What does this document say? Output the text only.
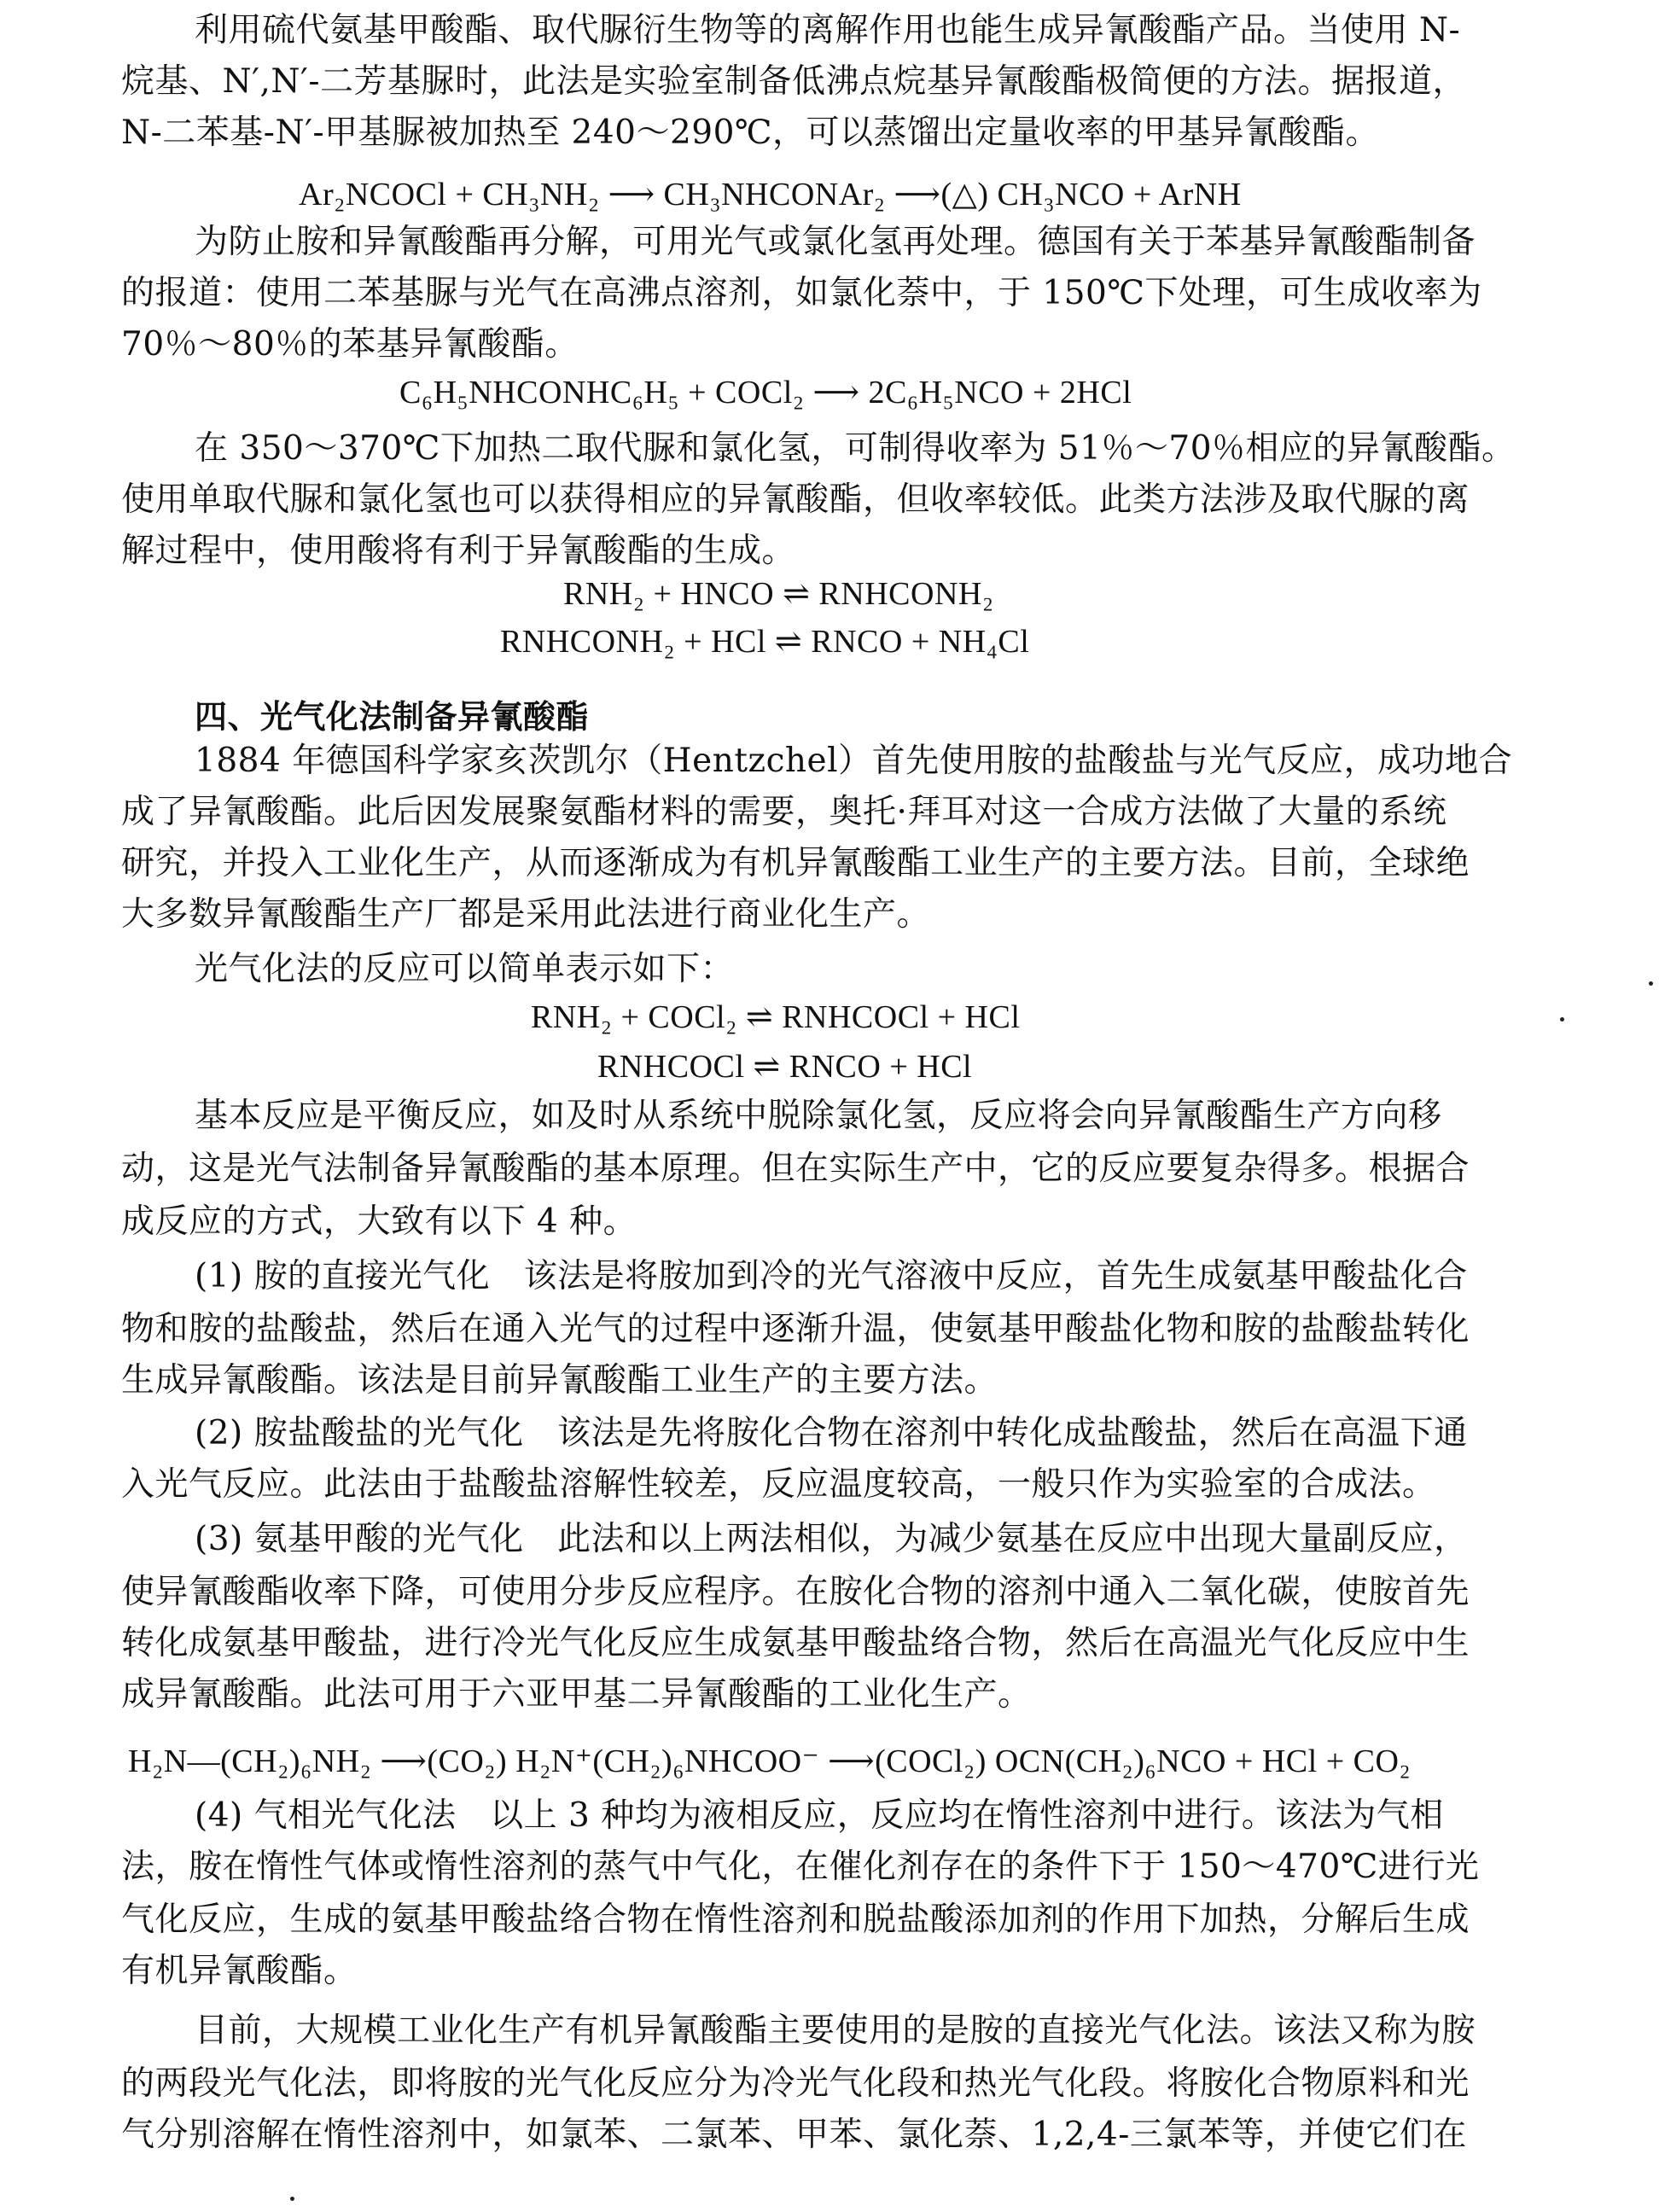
利用硫代氨基甲酸酯、取代脲衍生物等的离解作用也能生成异氰酸酯产品。当使用 N-
烷基、N′,N′-二芳基脲时，此法是实验室制备低沸点烷基异氰酸酯极简便的方法。据报道，
N-二苯基-N′-甲基脲被加热至 240～290℃，可以蒸馏出定量收率的甲基异氰酸酯。
Ar₂NCOCl + CH₃NH₂ ⟶ CH₃NHCONAr₂ ⟶(△) CH₃NCO + ArNH
为防止胺和异氰酸酯再分解，可用光气或氯化氢再处理。德国有关于苯基异氰酸酯制备
的报道：使用二苯基脲与光气在高沸点溶剂，如氯化萘中，于 150℃下处理，可生成收率为
70％～80％的苯基异氰酸酯。
C₆H₅NHCONHC₆H₅ + COCl₂ ⟶ 2C₆H₅NCO + 2HCl
在 350～370℃下加热二取代脲和氯化氢，可制得收率为 51％～70％相应的异氰酸酯。
使用单取代脲和氯化氢也可以获得相应的异氰酸酯，但收率较低。此类方法涉及取代脲的离
解过程中，使用酸将有利于异氰酸酯的生成。
RNH₂ + HNCO ⇌ RNHCONH₂
RNHCONH₂ + HCl ⇌ RNCO + NH₄Cl
四、光气化法制备异氰酸酯
1884 年德国科学家亥茨凯尔（Hentzchel）首先使用胺的盐酸盐与光气反应，成功地合
成了异氰酸酯。此后因发展聚氨酯材料的需要，奥托·拜耳对这一合成方法做了大量的系统
研究，并投入工业化生产，从而逐渐成为有机异氰酸酯工业生产的主要方法。目前，全球绝
大多数异氰酸酯生产厂都是采用此法进行商业化生产。
光气化法的反应可以简单表示如下：
RNH₂ + COCl₂ ⇌ RNHCOCl + HCl
RNHCOCl ⇌ RNCO + HCl
基本反应是平衡反应，如及时从系统中脱除氯化氢，反应将会向异氰酸酯生产方向移
动，这是光气法制备异氰酸酯的基本原理。但在实际生产中，它的反应要复杂得多。根据合
成反应的方式，大致有以下 4 种。
(1) 胺的直接光气化　该法是将胺加到冷的光气溶液中反应，首先生成氨基甲酸盐化合
物和胺的盐酸盐，然后在通入光气的过程中逐渐升温，使氨基甲酸盐化物和胺的盐酸盐转化
生成异氰酸酯。该法是目前异氰酸酯工业生产的主要方法。
(2) 胺盐酸盐的光气化　该法是先将胺化合物在溶剂中转化成盐酸盐，然后在高温下通
入光气反应。此法由于盐酸盐溶解性较差，反应温度较高，一般只作为实验室的合成法。
(3) 氨基甲酸的光气化　此法和以上两法相似，为减少氨基在反应中出现大量副反应，
使异氰酸酯收率下降，可使用分步反应程序。在胺化合物的溶剂中通入二氧化碳，使胺首先
转化成氨基甲酸盐，进行冷光气化反应生成氨基甲酸盐络合物，然后在高温光气化反应中生
成异氰酸酯。此法可用于六亚甲基二异氰酸酯的工业化生产。
H₂N—(CH₂)₆NH₂ ⟶(CO₂) H₂N⁺(CH₂)₆NHCOO⁻ ⟶(COCl₂) OCN(CH₂)₆NCO + HCl + CO₂
(4) 气相光气化法　以上 3 种均为液相反应，反应均在惰性溶剂中进行。该法为气相
法，胺在惰性气体或惰性溶剂的蒸气中气化，在催化剂存在的条件下于 150～470℃进行光
气化反应，生成的氨基甲酸盐络合物在惰性溶剂和脱盐酸添加剂的作用下加热，分解后生成
有机异氰酸酯。
目前，大规模工业化生产有机异氰酸酯主要使用的是胺的直接光气化法。该法又称为胺
的两段光气化法，即将胺的光气化反应分为冷光气化段和热光气化段。将胺化合物原料和光
气分别溶解在惰性溶剂中，如氯苯、二氯苯、甲苯、氯化萘、1,2,4-三氯苯等，并使它们在
